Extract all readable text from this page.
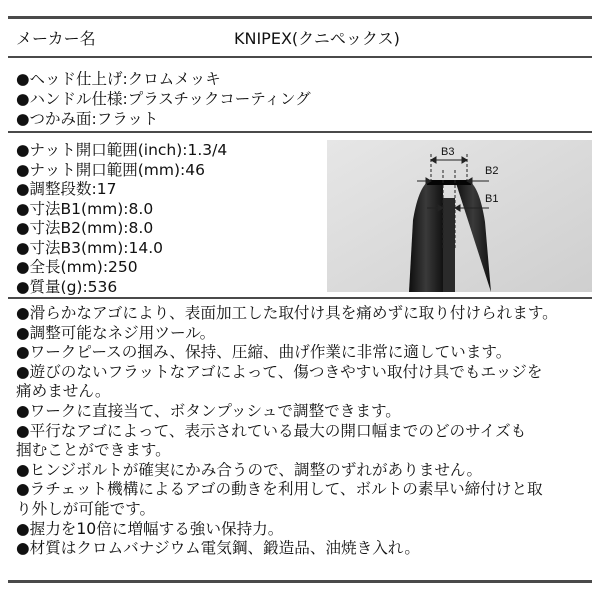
メーカー名	KNIPEX(クニペックス)
●ヘッド仕上げ:クロムメッキ
●ハンドル仕様:プラスチックコーティング
●つかみ面:フラット
●ナット開口範囲(inch):1.3/4
●ナット開口範囲(mm):46
●調整段数:17
●寸法B1(mm):8.0
●寸法B2(mm):8.0
●寸法B3(mm):14.0
●全長(mm):250
●質量(g):536
B3
B2
B1
●滑らかなアゴにより、表面加工した取付け具を痛めずに取り付けられます。
●調整可能なネジ用ツール。
●ワークピースの掴み、保持、圧縮、曲げ作業に非常に適しています。
●遊びのないフラットなアゴによって、傷つきやすい取付け具でもエッジを
痛めません。
●ワークに直接当て、ボタンプッシュで調整できます。
●平行なアゴによって、表示されている最大の開口幅までのどのサイズも
掴むことができます。
●ヒンジボルトが確実にかみ合うので、調整のずれがありません。
●ラチェット機構によるアゴの動きを利用して、ボルトの素早い締付けと取
り外しが可能です。
●握力を10倍に増幅する強い保持力。
●材質はクロムバナジウム電気鋼、鍛造品、油焼き入れ。
